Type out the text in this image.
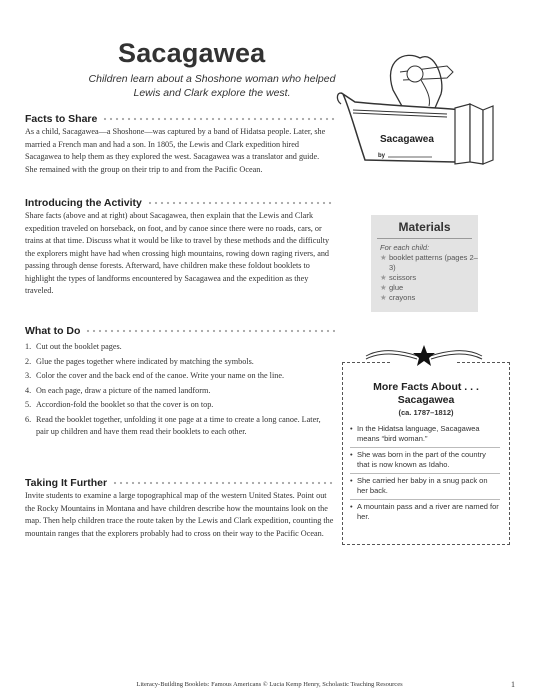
Sacagawea
Children learn about a Shoshone woman who helped Lewis and Clark explore the west.
Sacagawea
by
Facts to Share
As a child, Sacagawea—a Shoshone—was captured by a band of Hidatsa people. Later, she married a French man and had a son. In 1805, the Lewis and Clark expedition hired Sacagawea to help them as they explored the west. Sacagawea was a translator and guide. She remained with the group on their trip to and from the Pacific Ocean.
Introducing the Activity
Share facts (above and at right) about Sacagawea, then explain that the Lewis and Clark expedition traveled on horseback, on foot, and by canoe since there were no roads, cars, or trains at that time. Discuss what it would be like to travel by these methods and the difficulty the explorers might have had when crossing high mountains, rowing down raging rivers, and passing through dense forests. Afterward, have children make these foldout booklets to highlight the types of landforms encountered by Sacagawea and the expedition as they traveled.
What to Do
1. Cut out the booklet pages.
2. Glue the pages together where indicated by matching the symbols.
3. Color the cover and the back end of the canoe. Write your name on the line.
4. On each page, draw a picture of the named landform.
5. Accordion-fold the booklet so that the cover is on top.
6. Read the booklet together, unfolding it one page at a time to create a long canoe. Later, pair up children and have them read their booklets to each other.
Taking It Further
Invite students to examine a large topographical map of the western United States. Point out the Rocky Mountains in Montana and have children describe how the mountains look on the map. Then help children trace the route taken by the Lewis and Clark expedition, counting the mountain ranges that the explorers probably had to cross on their way to the Pacific Ocean.
Materials
For each child:
★ booklet patterns (pages 2–3)
★ scissors
★ glue
★ crayons
More Facts About . . .
Sacagawea
(ca. 1787–1812)
• In the Hidatsa language, Sacagawea means “bird woman.”
• She was born in the part of the country that is now known as Idaho.
• She carried her baby in a snug pack on her back.
• A mountain pass and a river are named for her.
Literacy-Building Booklets: Famous Americans © Lucia Kemp Henry, Scholastic Teaching Resources	1
